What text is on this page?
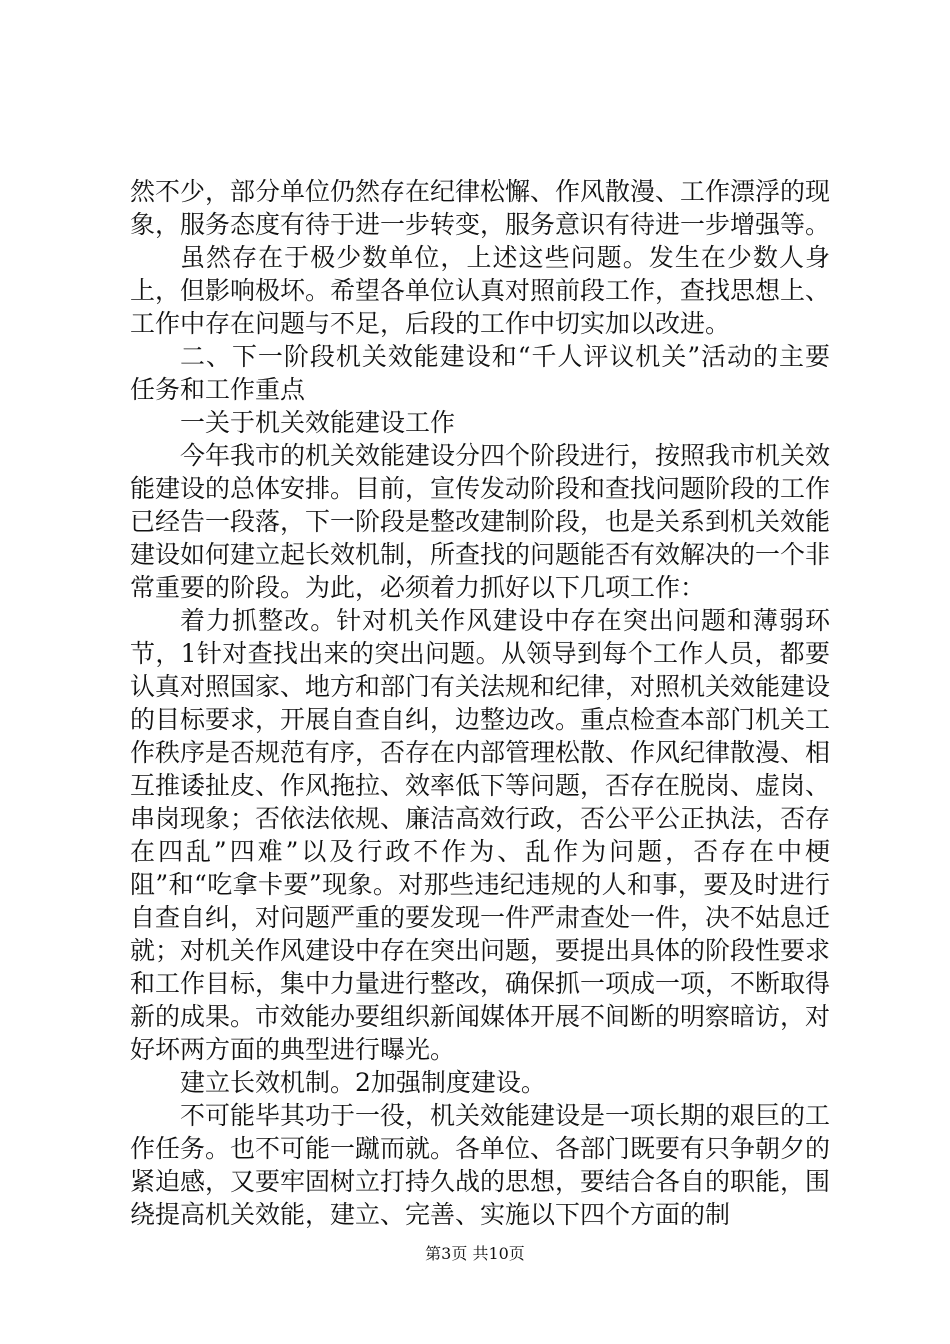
然不少，部分单位仍然存在纪律松懈、作风散漫、工作漂浮的现象，服务态度有待于进一步转变，服务意识有待进一步增强等。

虽然存在于极少数单位，上述这些问题。发生在少数人身上，但影响极坏。希望各单位认真对照前段工作，查找思想上、工作中存在问题与不足，后段的工作中切实加以改进。

二、下一阶段机关效能建设和“千人评议机关”活动的主要任务和工作重点

一关于机关效能建设工作

今年我市的机关效能建设分四个阶段进行，按照我市机关效能建设的总体安排。目前，宣传发动阶段和查找问题阶段的工作已经告一段落，下一阶段是整改建制阶段，也是关系到机关效能建设如何建立起长效机制，所查找的问题能否有效解决的一个非常重要的阶段。为此，必须着力抓好以下几项工作：

着力抓整改。针对机关作风建设中存在突出问题和薄弱环节，1针对查找出来的突出问题。从领导到每个工作人员，都要认真对照国家、地方和部门有关法规和纪律，对照机关效能建设的目标要求，开展自查自纠，边整边改。重点检查本部门机关工作秩序是否规范有序，否存在内部管理松散、作风纪律散漫、相互推诿扯皮、作风拖拉、效率低下等问题，否存在脱岗、虚岗、串岗现象；否依法依规、廉洁高效行政，否公平公正执法，否存在四乱”四难”以及行政不作为、乱作为问题，否存在中梗阻”和“吃拿卡要”现象。对那些违纪违规的人和事，要及时进行自查自纠，对问题严重的要发现一件严肃查处一件，决不姑息迁就；对机关作风建设中存在突出问题，要提出具体的阶段性要求和工作目标，集中力量进行整改，确保抓一项成一项，不断取得新的成果。市效能办要组织新闻媒体开展不间断的明察暗访，对好坏两方面的典型进行曝光。

建立长效机制。2加强制度建设。

不可能毕其功于一役，机关效能建设是一项长期的艰巨的工作任务。也不可能一蹴而就。各单位、各部门既要有只争朝夕的紧迫感，又要牢固树立打持久战的思想，要结合各自的职能，围绕提高机关效能，建立、完善、实施以下四个方面的制

第3页 共10页
